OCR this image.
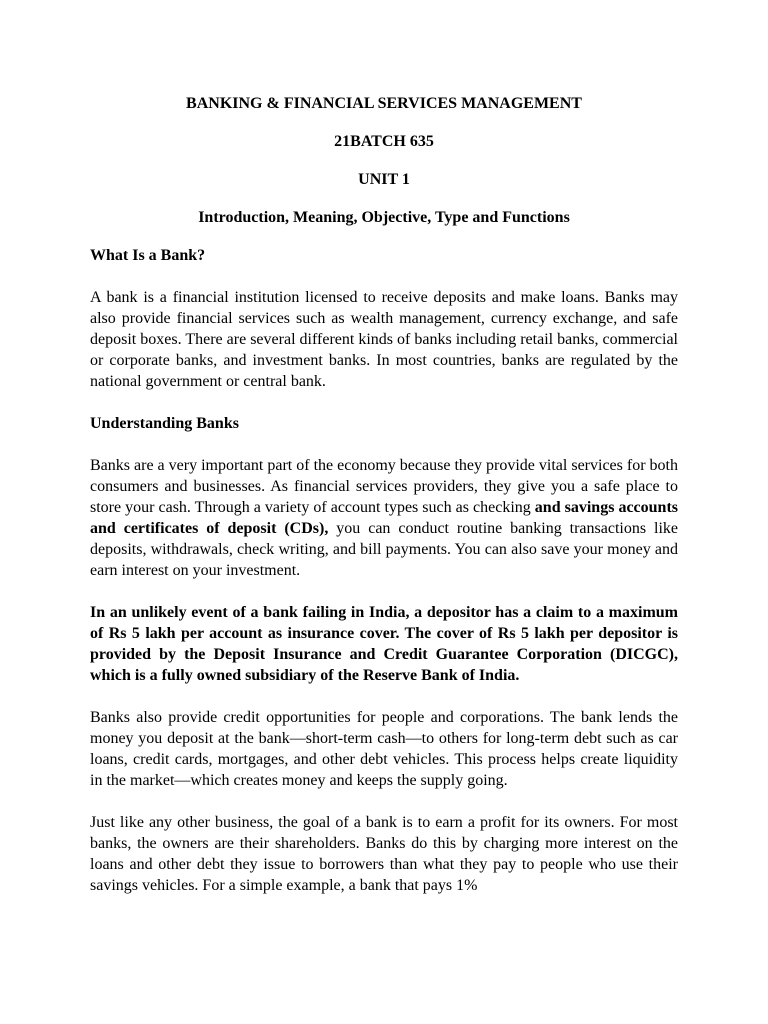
BANKING & FINANCIAL SERVICES MANAGEMENT

21BATCH 635

UNIT 1

Introduction, Meaning, Objective, Type and Functions

What Is a Bank?

A bank is a financial institution licensed to receive deposits and make loans. Banks may also provide financial services such as wealth management, currency exchange, and safe deposit boxes. There are several different kinds of banks including retail banks, commercial or corporate banks, and investment banks. In most countries, banks are regulated by the national government or central bank.

Understanding Banks

Banks are a very important part of the economy because they provide vital services for both consumers and businesses. As financial services providers, they give you a safe place to store your cash. Through a variety of account types such as checking and savings accounts and certificates of deposit (CDs), you can conduct routine banking transactions like deposits, withdrawals, check writing, and bill payments. You can also save your money and earn interest on your investment.

In an unlikely event of a bank failing in India, a depositor has a claim to a maximum of Rs 5 lakh per account as insurance cover. The cover of Rs 5 lakh per depositor is provided by the Deposit Insurance and Credit Guarantee Corporation (DICGC), which is a fully owned subsidiary of the Reserve Bank of India.

Banks also provide credit opportunities for people and corporations. The bank lends the money you deposit at the bank—short-term cash—to others for long-term debt such as car loans, credit cards, mortgages, and other debt vehicles. This process helps create liquidity in the market—which creates money and keeps the supply going.

Just like any other business, the goal of a bank is to earn a profit for its owners. For most banks, the owners are their shareholders. Banks do this by charging more interest on the loans and other debt they issue to borrowers than what they pay to people who use their savings vehicles. For a simple example, a bank that pays 1%
